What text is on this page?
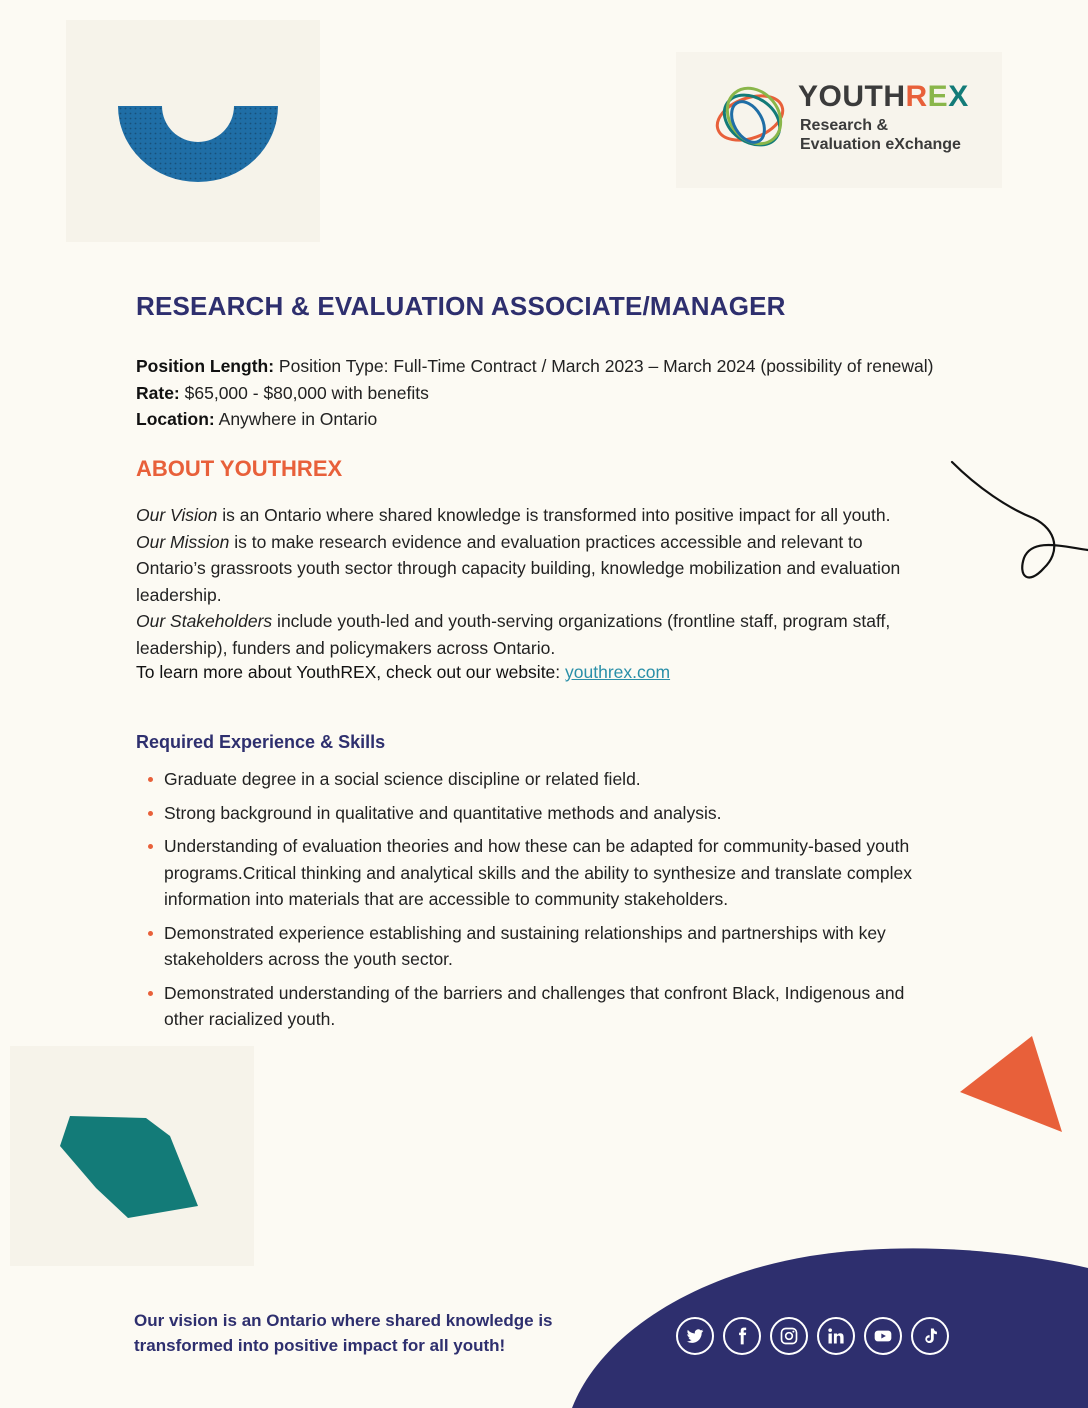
YOUTHREX
Research &
Evaluation eXchange
RESEARCH & EVALUATION ASSOCIATE/MANAGER
Position Length: Position Type: Full-Time Contract / March 2023 – March 2024 (possibility of renewal)
Rate: $65,000 - $80,000 with benefits
Location: Anywhere in Ontario
ABOUT YOUTHREX
Our Vision is an Ontario where shared knowledge is transformed into positive impact for all youth.
Our Mission is to make research evidence and evaluation practices accessible and relevant to Ontario’s grassroots youth sector through capacity building, knowledge mobilization and evaluation leadership.
Our Stakeholders include youth-led and youth-serving organizations (frontline staff, program staff, leadership), funders and policymakers across Ontario.
To learn more about YouthREX, check out our website: youthrex.com
Required Experience & Skills
Graduate degree in a social science discipline or related field.
Strong background in qualitative and quantitative methods and analysis.
Understanding of evaluation theories and how these can be adapted for community-based youth programs.Critical thinking and analytical skills and the ability to synthesize and translate complex information into materials that are accessible to community stakeholders.
Demonstrated experience establishing and sustaining relationships and partnerships with key stakeholders across the youth sector.
Demonstrated understanding of the barriers and challenges that confront Black, Indigenous and other racialized youth.
Our vision is an Ontario where shared knowledge is transformed into positive impact for all youth!
